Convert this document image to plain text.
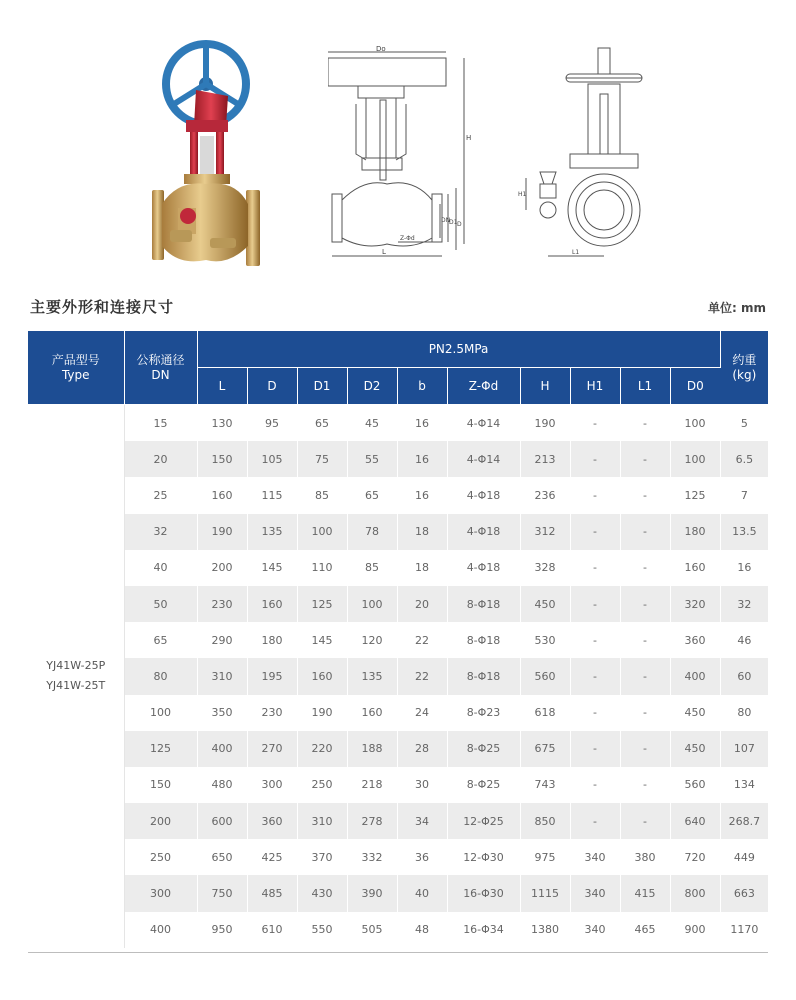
Do
H
DN
D1 D
Z-Φd
L
H1
L1
主要外形和连接尺寸	单位: mm
产品型号
Type	公称通径
DN	PN2.5MPa										约重
(kg)
		L	D	D1	D2	b	Z-Φd	H	H1	L1	D0	
YJ41W-25P
YJ41W-25T	15	130	95	65	45	16	4-Φ14	190	-	-	100	5
	20	150	105	75	55	16	4-Φ14	213	-	-	100	6.5
	25	160	115	85	65	16	4-Φ18	236	-	-	125	7
	32	190	135	100	78	18	4-Φ18	312	-	-	180	13.5
	40	200	145	110	85	18	4-Φ18	328	-	-	160	16
	50	230	160	125	100	20	8-Φ18	450	-	-	320	32
	65	290	180	145	120	22	8-Φ18	530	-	-	360	46
	80	310	195	160	135	22	8-Φ18	560	-	-	400	60
	100	350	230	190	160	24	8-Φ23	618	-	-	450	80
	125	400	270	220	188	28	8-Φ25	675	-	-	450	107
	150	480	300	250	218	30	8-Φ25	743	-	-	560	134
	200	600	360	310	278	34	12-Φ25	850	-	-	640	268.7
	250	650	425	370	332	36	12-Φ30	975	340	380	720	449
	300	750	485	430	390	40	16-Φ30	1115	340	415	800	663
	400	950	610	550	505	48	16-Φ34	1380	340	465	900	1170
